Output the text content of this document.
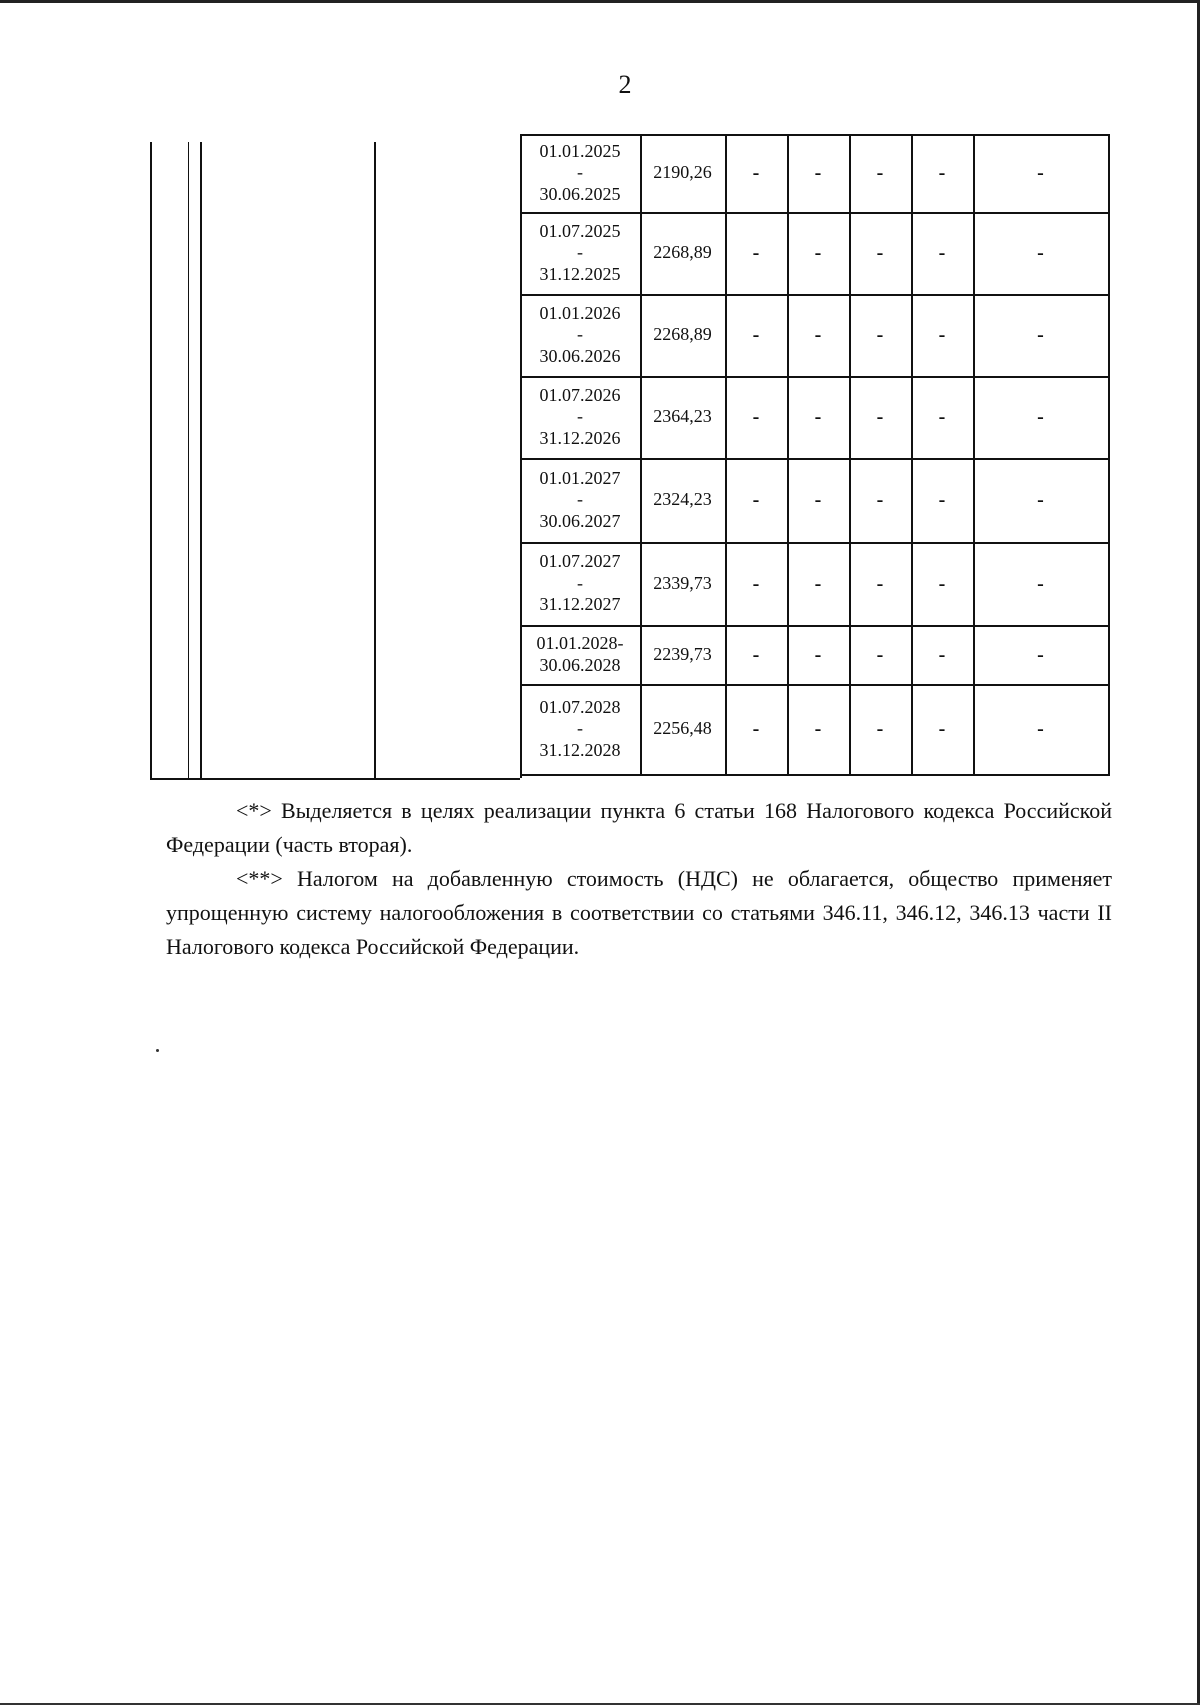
2
01.01.2025
-
30.06.2025
2190,26	-	-	-	-	-
01.07.2025
-
31.12.2025
2268,89	-	-	-	-	-
01.01.2026
-
30.06.2026
2268,89	-	-	-	-	-
01.07.2026
-
31.12.2026
2364,23	-	-	-	-	-
01.01.2027
-
30.06.2027
2324,23	-	-	-	-	-
01.07.2027
-
31.12.2027
2339,73	-	-	-	-	-
01.01.2028-
30.06.2028
2239,73	-	-	-	-	-
01.07.2028
-
31.12.2028
2256,48	-	-	-	-	-

<*> Выделяется в целях реализации пункта 6 статьи 168 Налогового кодекса Российской Федерации (часть вторая).

<**> Налогом на добавленную стоимость (НДС) не облагается, общество применяет упрощенную систему налогообложения в соответствии со статьями 346.11, 346.12, 346.13 части II Налогового кодекса Российской Федерации.
